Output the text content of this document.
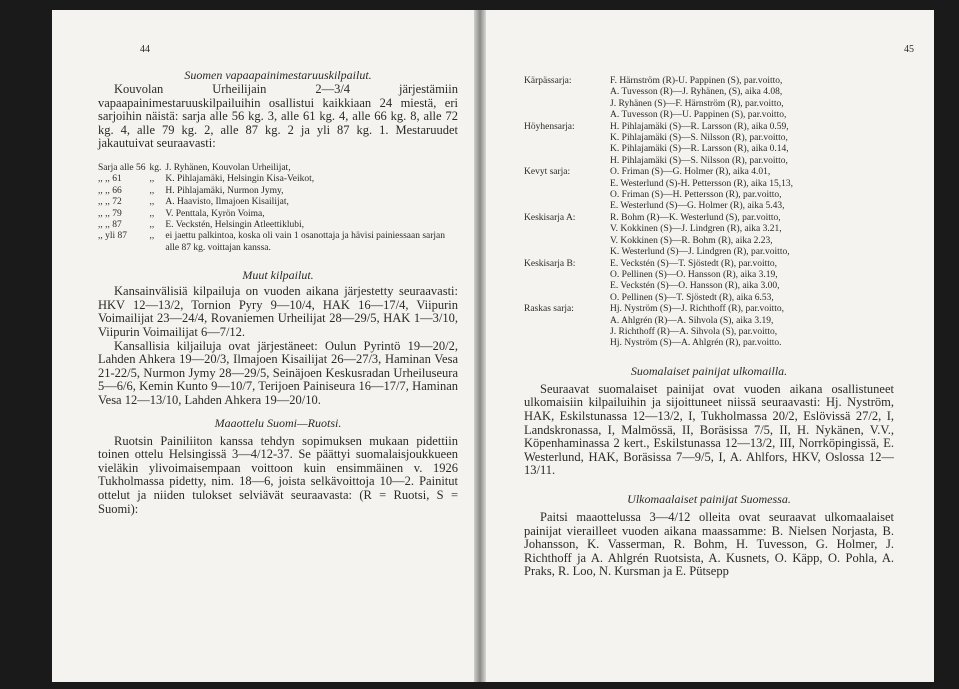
44

Suomen vapaapainimestaruuskilpailut.

Kouvolan Urheilijain 2—3/4 järjestämiin vapaapainimestaruuskilpailuihin osallistui kaikkiaan 24 miestä, eri sarjoihin näistä: sarja alle 56 kg. 3, alle 61 kg. 4, alle 66 kg. 8, alle 72 kg. 4, alle 79 kg. 2, alle 87 kg. 2 ja yli 87 kg. 1. Mestaruudet jakautuivat seuraavasti:

Sarja alle 56	kg.	J. Ryhänen, Kouvolan Urheilijat,
,, ,, 61	,,	K. Pihlajamäki, Helsingin Kisa-Veikot,
,, ,, 66	,,	H. Pihlajamäki, Nurmon Jymy,
,, ,, 72	,,	A. Haavisto, Ilmajoen Kisailijat,
,, ,, 79	,,	V. Penttala, Kyrön Voima,
,, ,, 87	,,	E. Veckstén, Helsingin Atleettiklubi,
,, yli 87	,,	ei jaettu palkintoa, koska oli vain 1 osanottaja ja hävisi painiessaan sarjan alle 87 kg. voittajan kanssa.

Muut kilpailut.

Kansainvälisiä kilpailuja on vuoden aikana järjestetty seuraavasti: HKV 12—13/2, Tornion Pyry 9—10/4, HAK 16—17/4, Viipurin Voimailijat 23—24/4, Rovaniemen Urheilijat 28—29/5, HAK 1—3/10, Viipurin Voimailijat 6—7/12.

Kansallisia kiljailuja ovat järjestäneet: Oulun Pyrintö 19—20/2, Lahden Ahkera 19—20/3, Ilmajoen Kisailijat 26—27/3, Haminan Vesa 21-22/5, Nurmon Jymy 28—29/5, Seinäjoen Keskusradan Urheiluseura 5—6/6, Kemin Kunto 9—10/7, Terijoen Painiseura 16—17/7, Haminan Vesa 12—13/10, Lahden Ahkera 19—20/10.

Maaottelu Suomi—Ruotsi.

Ruotsin Painiliiton kanssa tehdyn sopimuksen mukaan pidettiin toinen ottelu Helsingissä 3—4/12-37. Se päättyi suomalaisjoukkueen vieläkin ylivoimaisempaan voittoon kuin ensimmäinen v. 1926 Tukholmassa pidetty, nim. 18—6, joista selkävoittoja 10—2. Painitut ottelut ja niiden tulokset selviävät seuraavasta: (R = Ruotsi, S = Suomi):

45
Kärpässarja:	F. Härnström (R)-U. Pappinen (S), par.voitto,
	A. Tuvesson (R)—J. Ryhänen, (S), aika 4.08,
	J. Ryhänen (S)—F. Härnström (R), par.voitto,
	A. Tuvesson (R)—U. Pappinen (S), par.voitto,
Höyhensarja:	H. Pihlajamäki (S)—R. Larsson (R), aika 0.59,
	K. Pihlajamäki (S)—S. Nilsson (R), par.voitto,
	K. Pihlajamäki (S)—R. Larsson (R), aika 0.14,
	H. Pihlajamäki (S)—S. Nilsson (R), par.voitto,
Kevyt sarja:	O. Friman (S)—G. Holmer (R), aika 4.01,
	E. Westerlund (S)-H. Pettersson (R), aika 15,13,
	O. Friman (S)—H. Pettersson (R), par.voitto,
	E. Westerlund (S)—G. Holmer (R), aika 5.43,
Keskisarja A:	R. Bohm (R)—K. Westerlund (S), par.voitto,
	V. Kokkinen (S)—J. Lindgren (R), aika 3.21,
	V. Kokkinen (S)—R. Bohm (R), aika 2.23,
	K. Westerlund (S)—J. Lindgren (R), par.voitto,
Keskisarja B:	E. Veckstén (S)—T. Sjöstedt (R), par.voitto,
	O. Pellinen (S)—O. Hansson (R), aika 3.19,
	E. Veckstén (S)—O. Hansson (R), aika 3.00,
	O. Pellinen (S)—T. Sjöstedt (R), aika 6.53,
Raskas sarja:	Hj. Nyström (S)—J. Richthoff (R), par.voitto,
	A. Ahlgrén (R)—A. Sihvola (S), aika 3.19,
	J. Richthoff (R)—A. Sihvola (S), par.voitto,
	Hj. Nyström (S)—A. Ahlgrén (R), par.voitto.

Suomalaiset painijat ulkomailla.

Seuraavat suomalaiset painijat ovat vuoden aikana osallistuneet ulkomaisiin kilpailuihin ja sijoittuneet niissä seuraavasti: Hj. Nyström, HAK, Eskilstunassa 12—13/2, I, Tukholmassa 20/2, Eslövissä 27/2, I, Landskronassa, I, Malmössä, II, Boräsissa 7/5, II, H. Nykänen, V.V., Köpenhaminassa 2 kert., Eskilstunassa 12—13/2, III, Norrköpingissä, E. Westerlund, HAK, Boräsissa 7—9/5, I, A. Ahlfors, HKV, Oslossa 12—13/11.

Ulkomaalaiset painijat Suomessa.

Paitsi maaottelussa 3—4/12 olleita ovat seuraavat ulkomaalaiset painijat vierailleet vuoden aikana maassamme: B. Nielsen Norjasta, B. Johansson, K. Vasserman, R. Bohm, H. Tuvesson, G. Holmer, J. Richthoff ja A. Ahlgrén Ruotsista, A. Kusnets, O. Käpp, O. Pohla, A. Praks, R. Loo, N. Kursman ja E. Pütsepp
